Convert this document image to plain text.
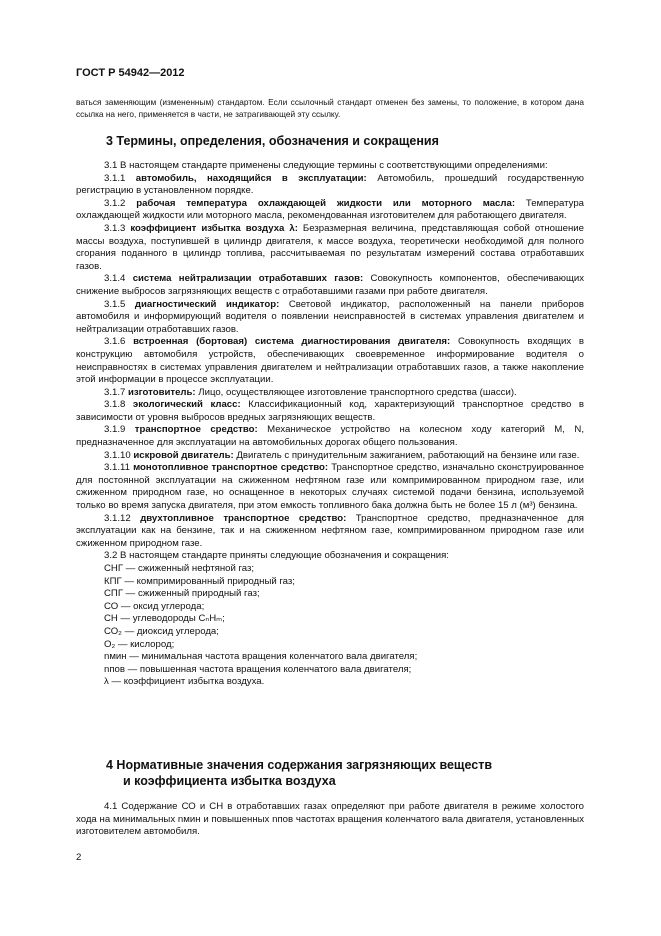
ГОСТ Р 54942—2012
ваться заменяющим (измененным) стандартом. Если ссылочный стандарт отменен без замены, то положение, в котором дана ссылка на него, применяется в части, не затрагивающей эту ссылку.
3 Термины, определения, обозначения и сокращения

3.1 В настоящем стандарте применены следующие термины с соответствующими определениями:

3.1.1 автомобиль, находящийся в эксплуатации: Автомобиль, прошедший государственную регистрацию в установленном порядке.

3.1.2 рабочая температура охлаждающей жидкости или моторного масла: Температура охлаждающей жидкости или моторного масла, рекомендованная изготовителем для работающего двигателя.

3.1.3 коэффициент избытка воздуха λ: Безразмерная величина, представляющая собой отношение массы воздуха, поступившей в цилиндр двигателя, к массе воздуха, теоретически необходимой для полного сгорания поданного в цилиндр топлива, рассчитываемая по результатам измерений состава отработавших газов.

3.1.4 система нейтрализации отработавших газов: Совокупность компонентов, обеспечивающих снижение выбросов загрязняющих веществ с отработавшими газами при работе двигателя.

3.1.5 диагностический индикатор: Световой индикатор, расположенный на панели приборов автомобиля и информирующий водителя о появлении неисправностей в системах управления двигателем и нейтрализации отработавших газов.

3.1.6 встроенная (бортовая) система диагностирования двигателя: Совокупность входящих в конструкцию автомобиля устройств, обеспечивающих своевременное информирование водителя о неисправностях в системах управления двигателем и нейтрализации отработавших газов, а также накопление этой информации в процессе эксплуатации.

3.1.7 изготовитель: Лицо, осуществляющее изготовление транспортного средства (шасси).

3.1.8 экологический класс: Классификационный код, характеризующий транспортное средство в зависимости от уровня выбросов вредных загрязняющих веществ.

3.1.9 транспортное средство: Механическое устройство на колесном ходу категорий M, N, предназначенное для эксплуатации на автомобильных дорогах общего пользования.

3.1.10 искровой двигатель: Двигатель с принудительным зажиганием, работающий на бензине или газе.

3.1.11 монотопливное транспортное средство: Транспортное средство, изначально сконструированное для постоянной эксплуатации на сжиженном нефтяном газе или компримированном природном газе, или сжиженном природном газе, но оснащенное в некоторых случаях системой подачи бензина, используемой только во время запуска двигателя, при этом емкость топливного бака должна быть не более 15 л (м³) бензина.

3.1.12 двухтопливное транспортное средство: Транспортное средство, предназначенное для эксплуатации как на бензине, так и на сжиженном нефтяном газе, компримированном природном газе или сжиженном природном газе.

3.2 В настоящем стандарте приняты следующие обозначения и сокращения:

СНГ — сжиженный нефтяной газ;
КПГ — компримированный природный газ;
СПГ — сжиженный природный газ;
СО — оксид углерода;
СН — углеводороды CₙHₘ;
СО₂ — диоксид углерода;
О₂ — кислород;
nмин — минимальная частота вращения коленчатого вала двигателя;
nпов — повышенная частота вращения коленчатого вала двигателя;
λ — коэффициент избытка воздуха.
4 Нормативные значения содержания загрязняющих веществ
и коэффициента избытка воздуха

4.1 Содержание СО и СН в отработавших газах определяют при работе двигателя в режиме холостого хода на минимальных nмин и повышенных nпов частотах вращения коленчатого вала двигателя, установленных изготовителем автомобиля.

2
